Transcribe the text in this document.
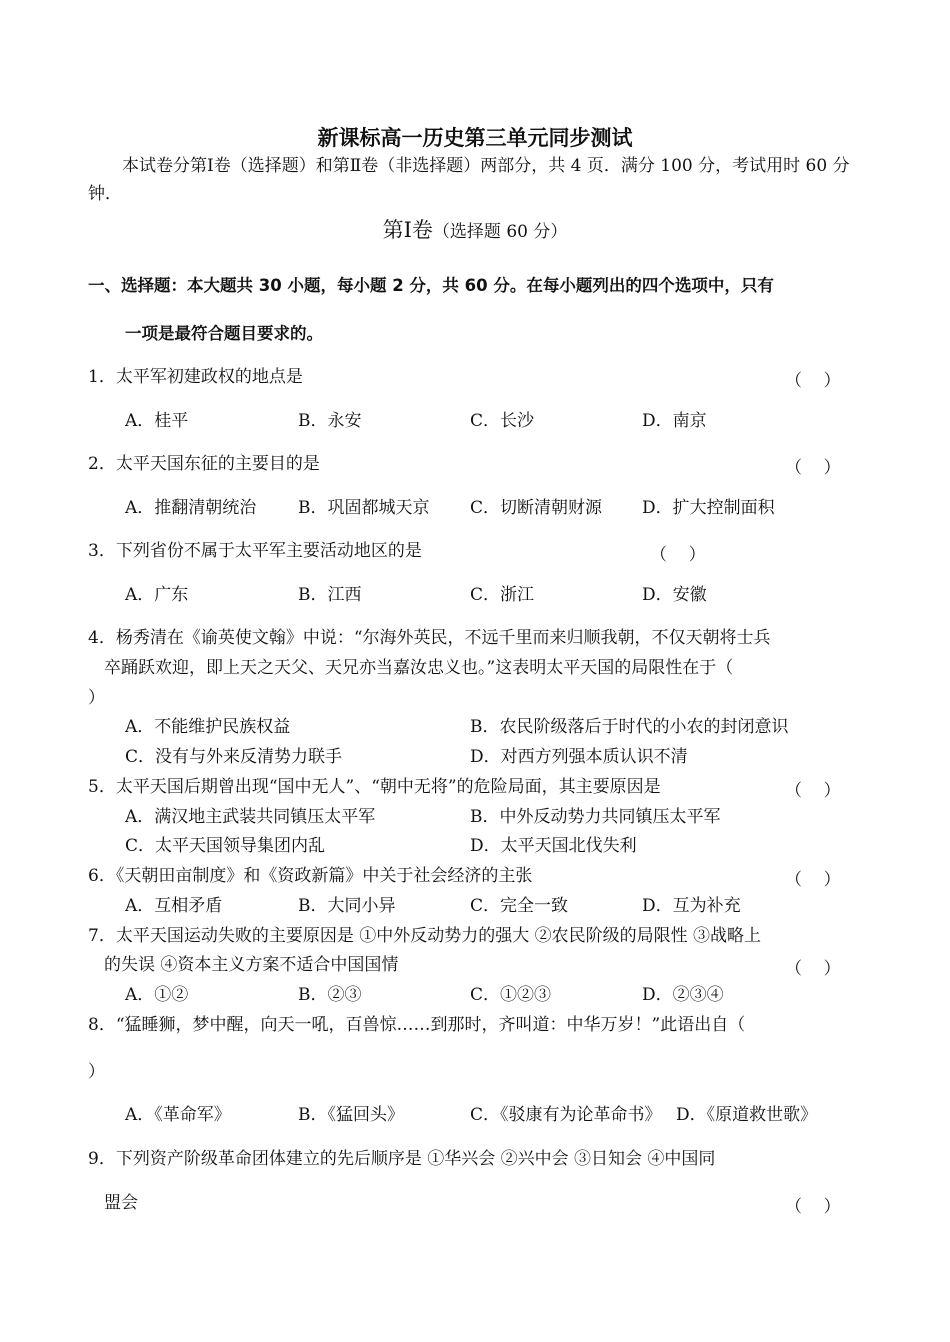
新课标高一历史第三单元同步测试
本试卷分第Ⅰ卷（选择题）和第Ⅱ卷（非选择题）两部分，共 4 页．满分 100 分，考试用时 60 分钟．
第Ⅰ卷（选择题 60 分）
一、选择题：本大题共 30 小题，每小题 2 分，共 60 分。在每小题列出的四个选项中，只有
一项是最符合题目要求的。
1．太平军初建政权的地点是	（    ）
A．桂平	B．永安	C．长沙	D．南京
2．太平天国东征的主要目的是	（    ）
A．推翻清朝统治 B．巩固都城天京 C．切断清朝财源 D．扩大控制面积
3．下列省份不属于太平军主要活动地区的是	（    ）
A．广东	B．江西	C．浙江	D．安徽
4．杨秀清在《谕英使文翰》中说：“尔海外英民，不远千里而来归顺我朝，不仅天朝将士兵
卒踊跃欢迎，即上天之天父、天兄亦当嘉汝忠义也。”这表明太平天国的局限性在于（
）
A．不能维护民族权益	B．农民阶级落后于时代的小农的封闭意识
C．没有与外来反清势力联手	D．对西方列强本质认识不清
5．太平天国后期曾出现“国中无人”、“朝中无将”的危险局面，其主要原因是	（    ）
A．满汉地主武装共同镇压太平军	B．中外反动势力共同镇压太平军
C．太平天国领导集团内乱	D．太平天国北伐失利
6．《天朝田亩制度》和《资政新篇》中关于社会经济的主张	（    ）
A．互相矛盾	B．大同小异	C．完全一致	D．互为补充
7．太平天国运动失败的主要原因是 ①中外反动势力的强大 ②农民阶级的局限性 ③战略上
的失误 ④资本主义方案不适合中国国情	（    ）
A．①②	B．②③	C．①②③	D．②③④
8．“猛睡狮，梦中醒，向天一吼，百兽惊……到那时，齐叫道：中华万岁！”此语出自（
）
A．《革命军》	B．《猛回头》	C．《驳康有为论革命书》 D．《原道救世歌》
9．下列资产阶级革命团体建立的先后顺序是 ①华兴会 ②兴中会 ③日知会 ④中国同
盟会	（    ）
